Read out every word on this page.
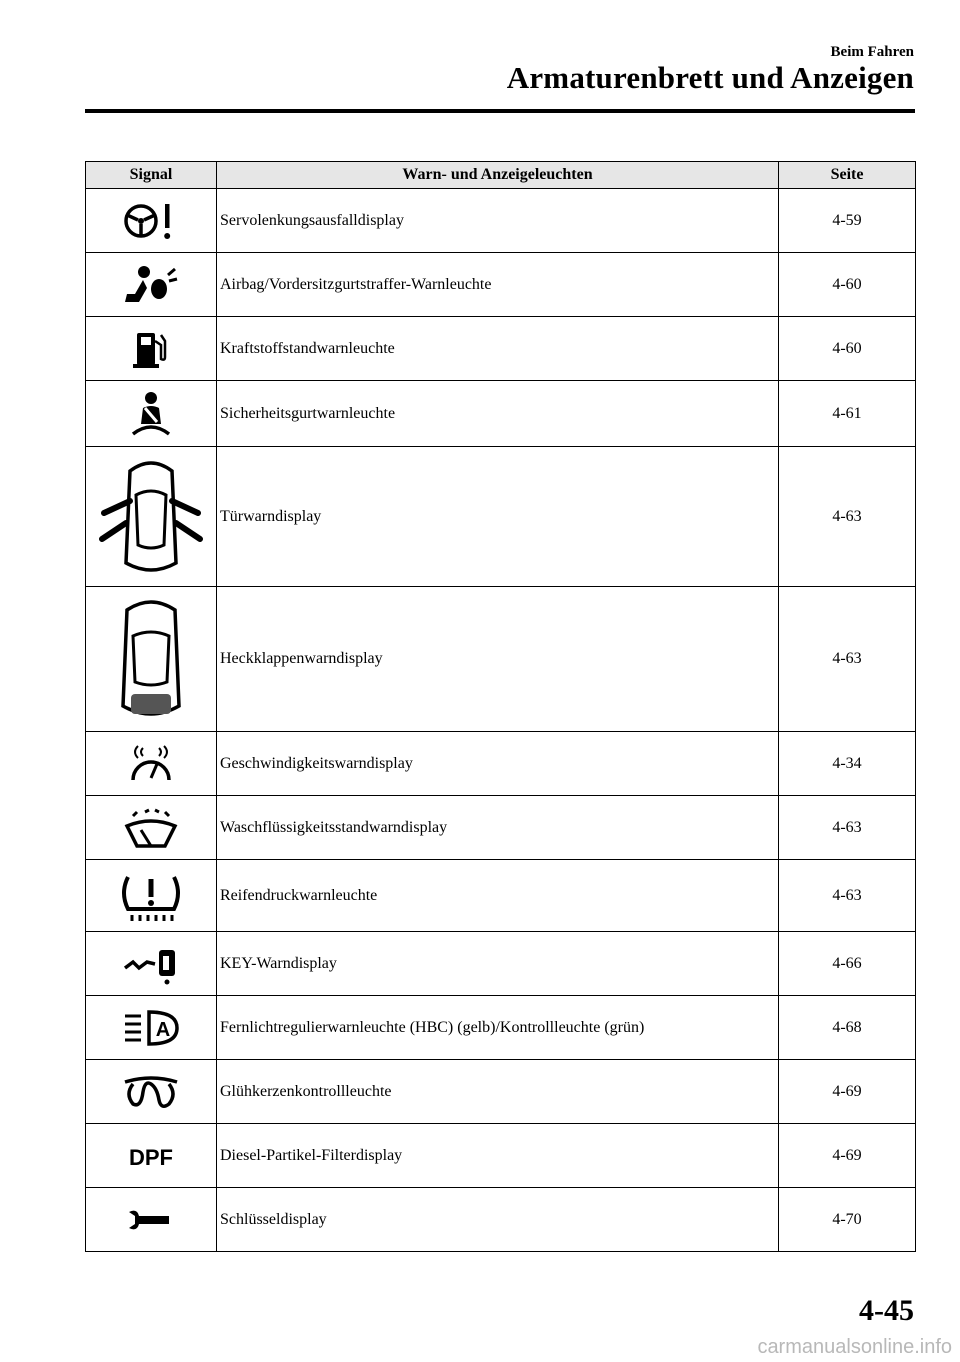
Beim Fahren
Armaturenbrett und Anzeigen
Signal	Warn- und Anzeigeleuchten	Seite

	Servolenkungsausfalldisplay	4-59

	Airbag/Vordersitzgurtstraffer-Warnleuchte	4-60

	Kraftstoffstandwarnleuchte	4-60

	Sicherheitsgurtwarnleuchte	4-61

	Türwarndisplay	4-63

	Heckklappenwarndisplay	4-63

	Geschwindigkeitswarndisplay	4-34

	Waschflüssigkeitsstandwarndisplay	4-63

	Reifendruckwarnleuchte	4-63

	KEY-Warndisplay	4-66

A	Fernlichtregulierwarnleuchte (HBC) (gelb)/Kontrollleuchte (grün)	4-68

	Glühkerzenkontrollleuchte	4-69

DPF	Diesel-Partikel-Filterdisplay	4-69

	Schlüsseldisplay	4-70
4-45
carmanualsonline.info
